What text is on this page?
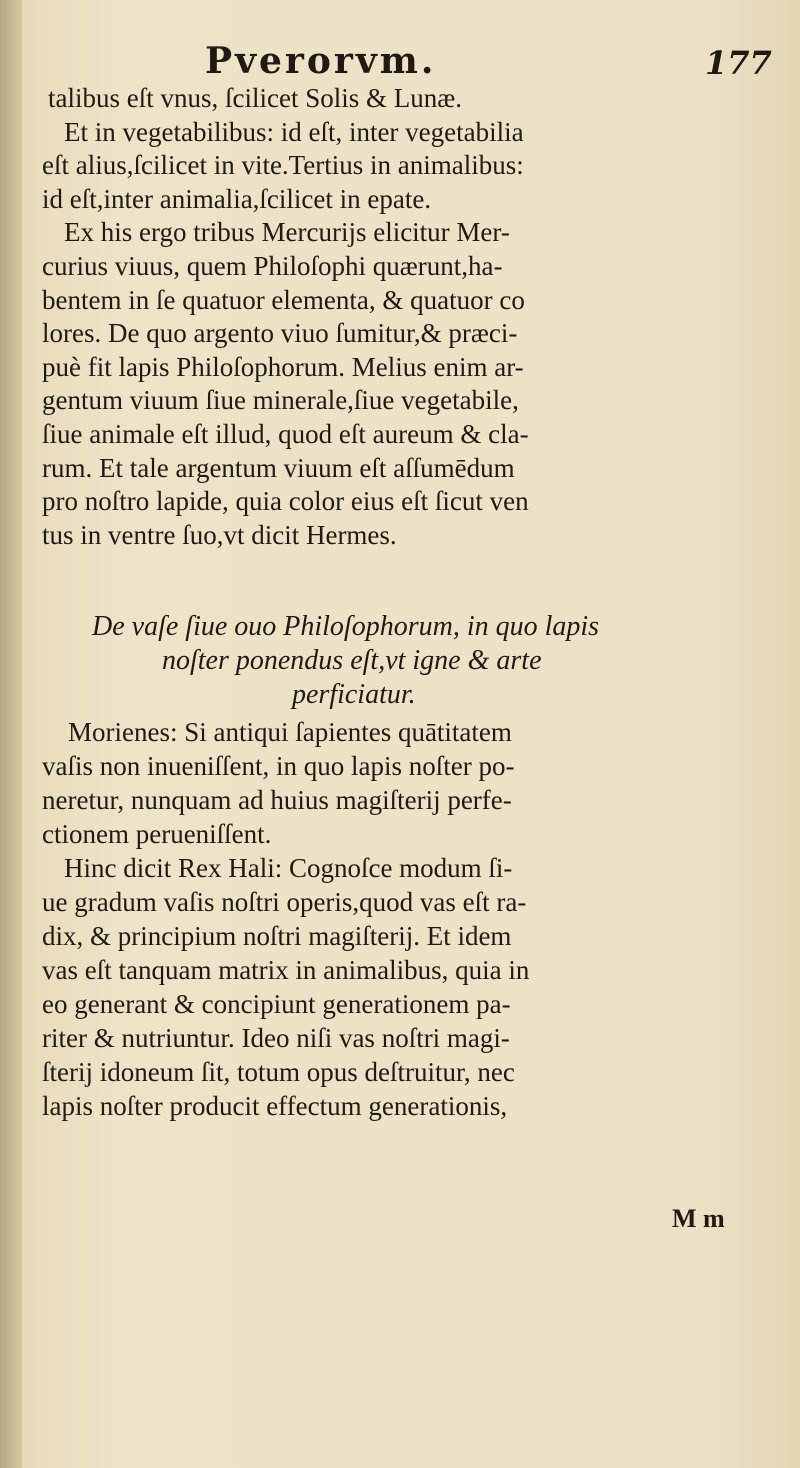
Pverorvm.	177
talibus eſt vnus, ſcilicet Solis & Lunæ.
Et in vegetabilibus: id eſt, inter vegetabilia
eſt alius,ſcilicet in vite.Tertius in animalibus:
id eſt,inter animalia,ſcilicet in epate.
Ex his ergo tribus Mercurijs elicitur Mer-
curius viuus, quem Philoſophi quærunt,ha-
bentem in ſe quatuor elementa, & quatuor co
lores. De quo argento viuo ſumitur,& præci-
puè fit lapis Philoſophorum. Melius enim ar-
gentum viuum ſiue minerale,ſiue vegetabile,
ſiue animale eſt illud, quod eſt aureum & cla-
rum. Et tale argentum viuum eſt aſſumēdum
pro noſtro lapide, quia color eius eſt ſicut ven
tus in ventre ſuo,vt dicit Hermes.
De vaſe ſiue ouo Philoſophorum, in quo lapis
noſter ponendus eſt,vt igne & arte
perficiatur.
Morienes: Si antiqui ſapientes quātitatem
vaſis non inueniſſent, in quo lapis noſter po-
neretur, nunquam ad huius magiſterij perfe-
ctionem perueniſſent.
Hinc dicit Rex Hali: Cognoſce modum ſi-
ue gradum vaſis noſtri operis,quod vas eſt ra-
dix, & principium noſtri magiſterij. Et idem
vas eſt tanquam matrix in animalibus, quia in
eo generant & concipiunt generationem pa-
riter & nutriuntur. Ideo niſi vas noſtri magi-
ſterij idoneum ſit, totum opus deſtruitur, nec
lapis noſter producit effectum generationis,
M m
